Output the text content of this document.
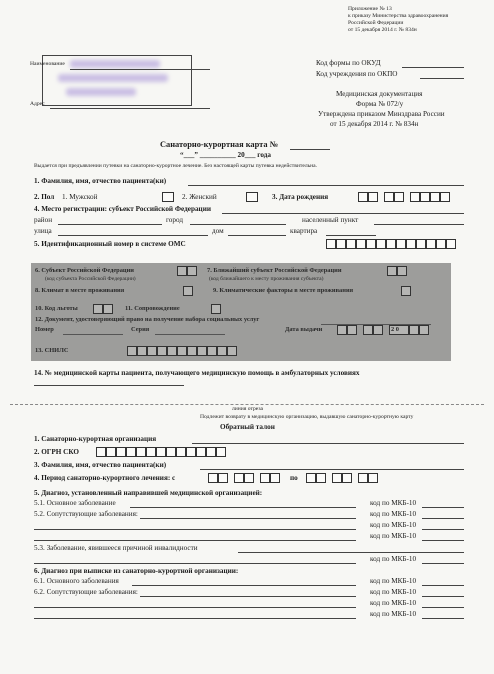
Приложение № 13
к приказу Министерства здравоохранения
Российской Федерации
от 15 декабря 2014 г. № 834н
Наименование
Адрес
Код формы по ОКУД
Код учреждения по ОКПО
Медицинская документация
Форма № 072/у
Утверждена приказом Минздрава России
от 15 декабря 2014 г. № 834н
Санаторно-курортная карта №
“___” __________ 20___ года
Выдается при предъявлении путевки на санаторно-курортное лечение. Без настоящей карты путевка недействительна.
1. Фамилия, имя, отчество пациента(ки)
2. Пол 1. Мужской	2. Женский	3. Дата рождения
4. Место регистрации: субъект Российской Федерации
район	город	населенный пункт
улица	дом	квартира
5. Идентификационный номер в системе ОМС
6. Субъект Российской Федерации
(код субъекта Российской Федерации)
7. Ближайший субъект Российской Федерации
(код ближайшего к месту проживания субъекта)
8. Климат в месте проживания	9. Климатические факторы в месте проживания
10. Код льготы	11. Сопровождение
12. Документ, удостоверяющий право на получение набора социальных услуг
Номер	Серия	Дата выдачи	2 0
13. СНИЛС
14. № медицинской карты пациента, получающего медицинскую помощь в амбулаторных условиях
линия отреза
Подлежит возврату в медицинскую организацию, выдавшую санаторно-курортную карту
Обратный талон
1. Санаторно-курортная организация
2. ОГРН СКО
3. Фамилия, имя, отчество пациента(ки)
4. Период санаторно-курортного лечения: с	по
5. Диагноз, установленный направившей медицинской организацией:
5.1. Основное заболевание	код по МКБ-10
5.2. Сопутствующие заболевания:	код по МКБ-10
код по МКБ-10
код по МКБ-10
5.3. Заболевание, явившееся причиной инвалидности
код по МКБ-10
6. Диагноз при выписке из санаторно-курортной организации:
6.1. Основного заболевания	код по МКБ-10
6.2. Сопутствующие заболевания:	код по МКБ-10
код по МКБ-10
код по МКБ-10
